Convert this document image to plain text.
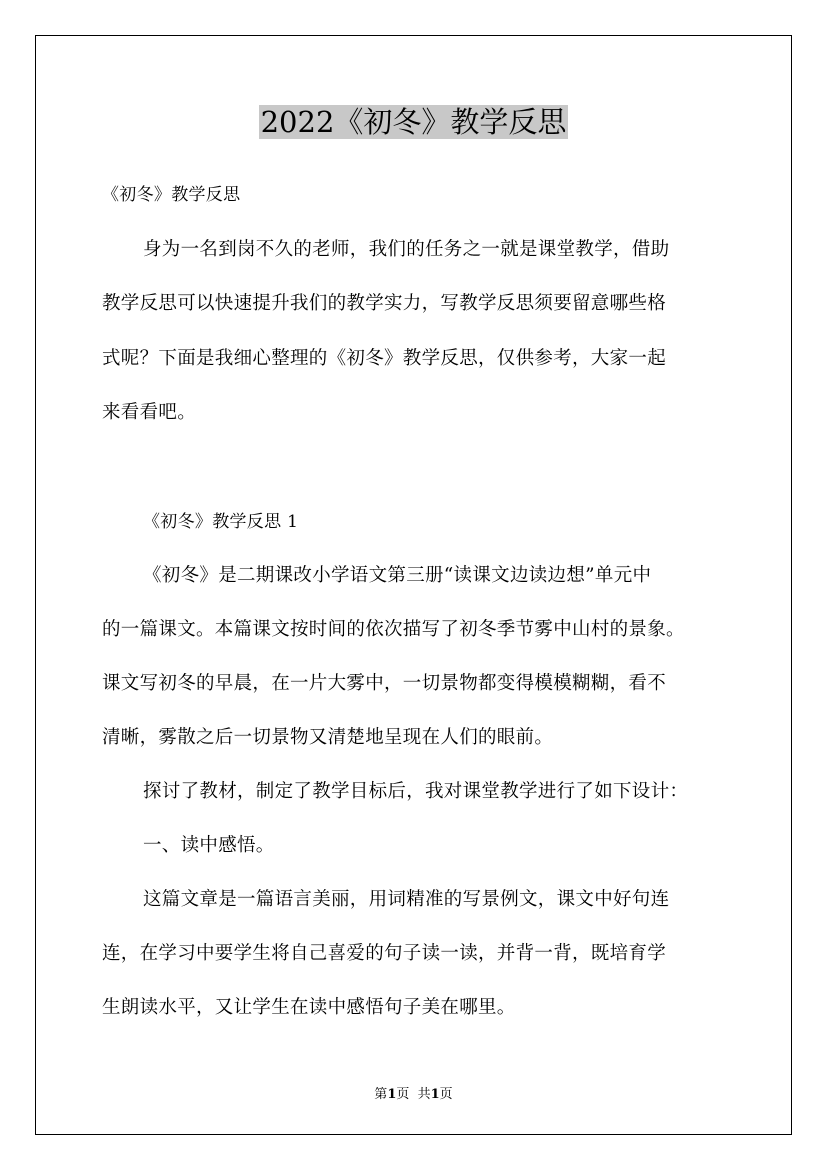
2022《初冬》教学反思
《初冬》教学反思
身为一名到岗不久的老师，我们的任务之一就是课堂教学，借助
教学反思可以快速提升我们的教学实力，写教学反思须要留意哪些格
式呢？下面是我细心整理的《初冬》教学反思，仅供参考，大家一起
来看看吧。
《初冬》教学反思 1
《初冬》是二期课改小学语文第三册“读课文边读边想”单元中
的一篇课文。本篇课文按时间的依次描写了初冬季节雾中山村的景象。
课文写初冬的早晨，在一片大雾中，一切景物都变得模模糊糊，看不
清晰，雾散之后一切景物又清楚地呈现在人们的眼前。
探讨了教材，制定了教学目标后，我对课堂教学进行了如下设计：
一、读中感悟。
这篇文章是一篇语言美丽，用词精准的写景例文，课文中好句连
连，在学习中要学生将自己喜爱的句子读一读，并背一背，既培育学
生朗读水平，又让学生在读中感悟句子美在哪里。
第1页  共1页
